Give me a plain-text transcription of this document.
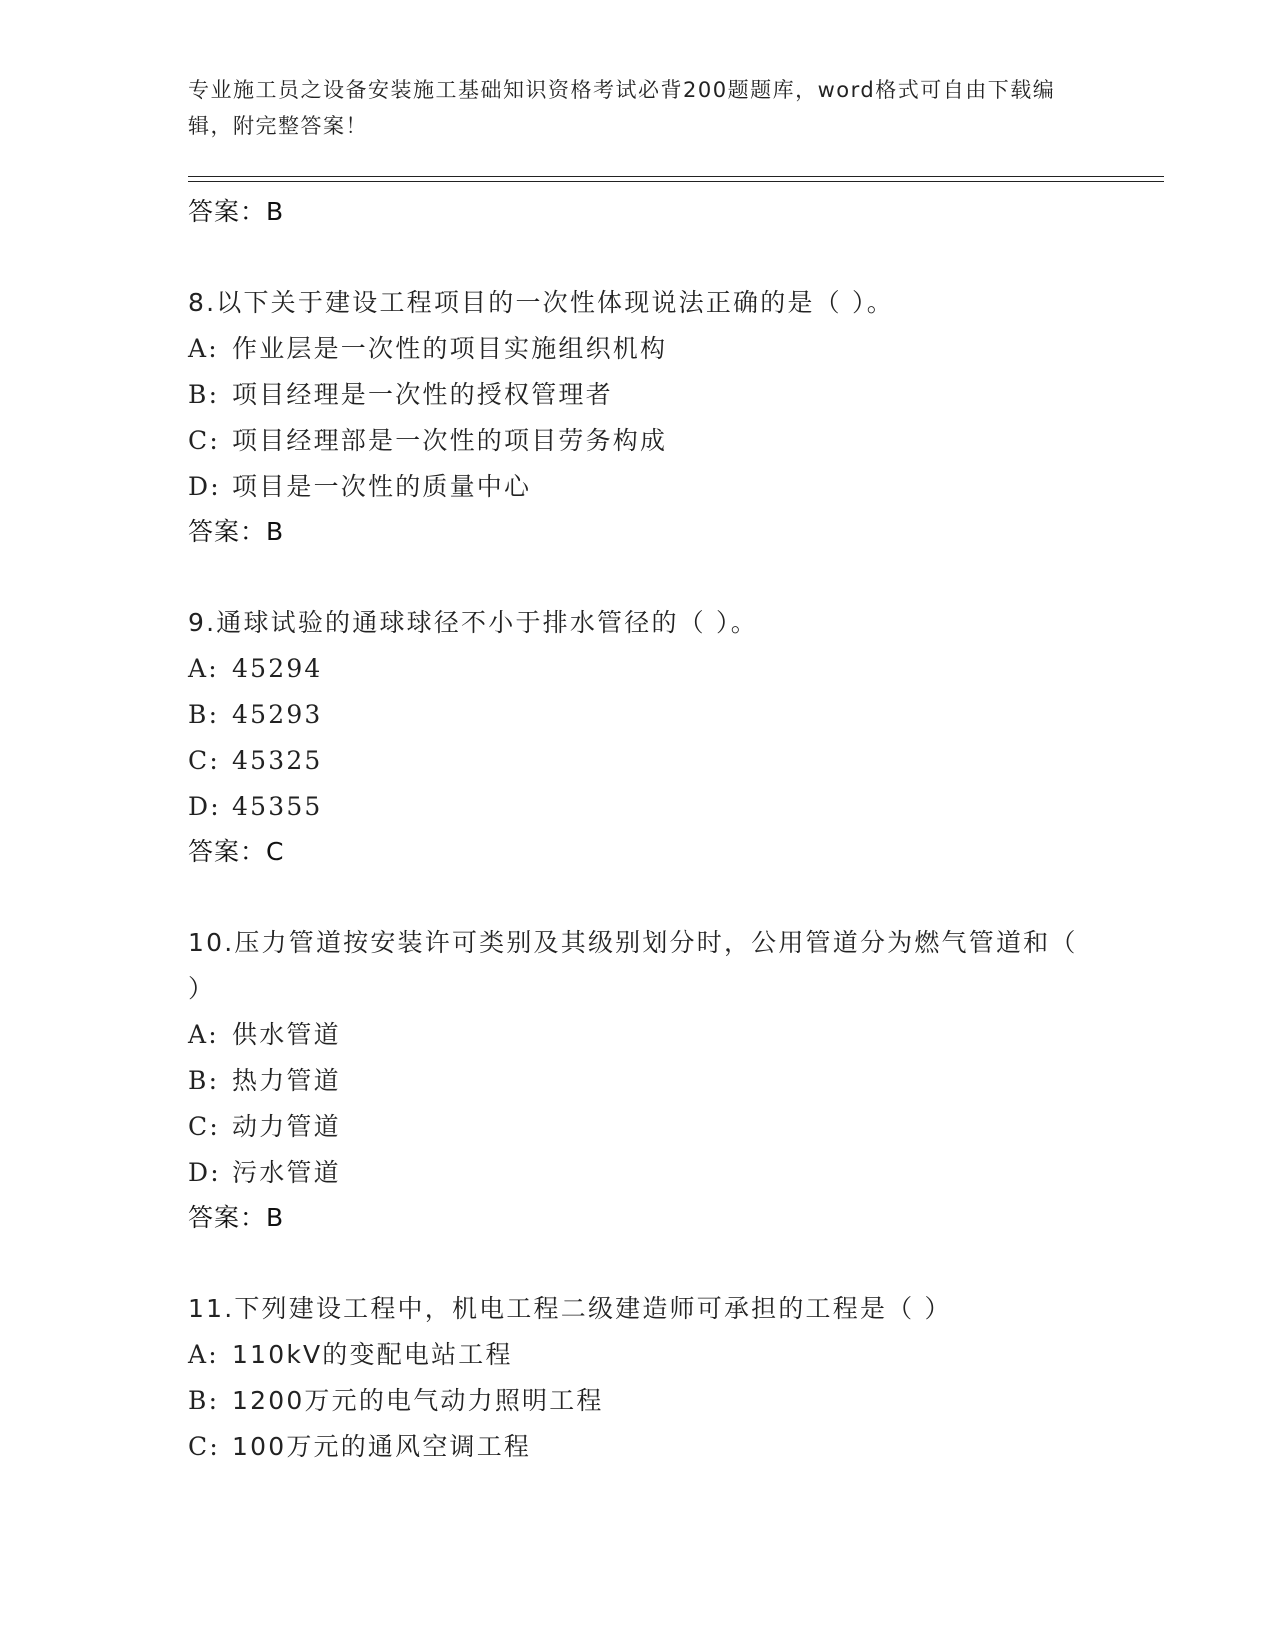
专业施工员之设备安装施工基础知识资格考试必背200题题库，word格式可自由下载编辑，附完整答案！
答案：B
8.以下关于建设工程项目的一次性体现说法正确的是（ ）。
A: 作业层是一次性的项目实施组织机构
B: 项目经理是一次性的授权管理者
C: 项目经理部是一次性的项目劳务构成
D: 项目是一次性的质量中心
答案：B
9.通球试验的通球球径不小于排水管径的（ ）。
A: 45294
B: 45293
C: 45325
D: 45355
答案：C
10.压力管道按安装许可类别及其级别划分时，公用管道分为燃气管道和（ ）
A: 供水管道
B: 热力管道
C: 动力管道
D: 污水管道
答案：B
11.下列建设工程中，机电工程二级建造师可承担的工程是（ ）
A: 110kV的变配电站工程
B: 1200万元的电气动力照明工程
C: 100万元的通风空调工程
